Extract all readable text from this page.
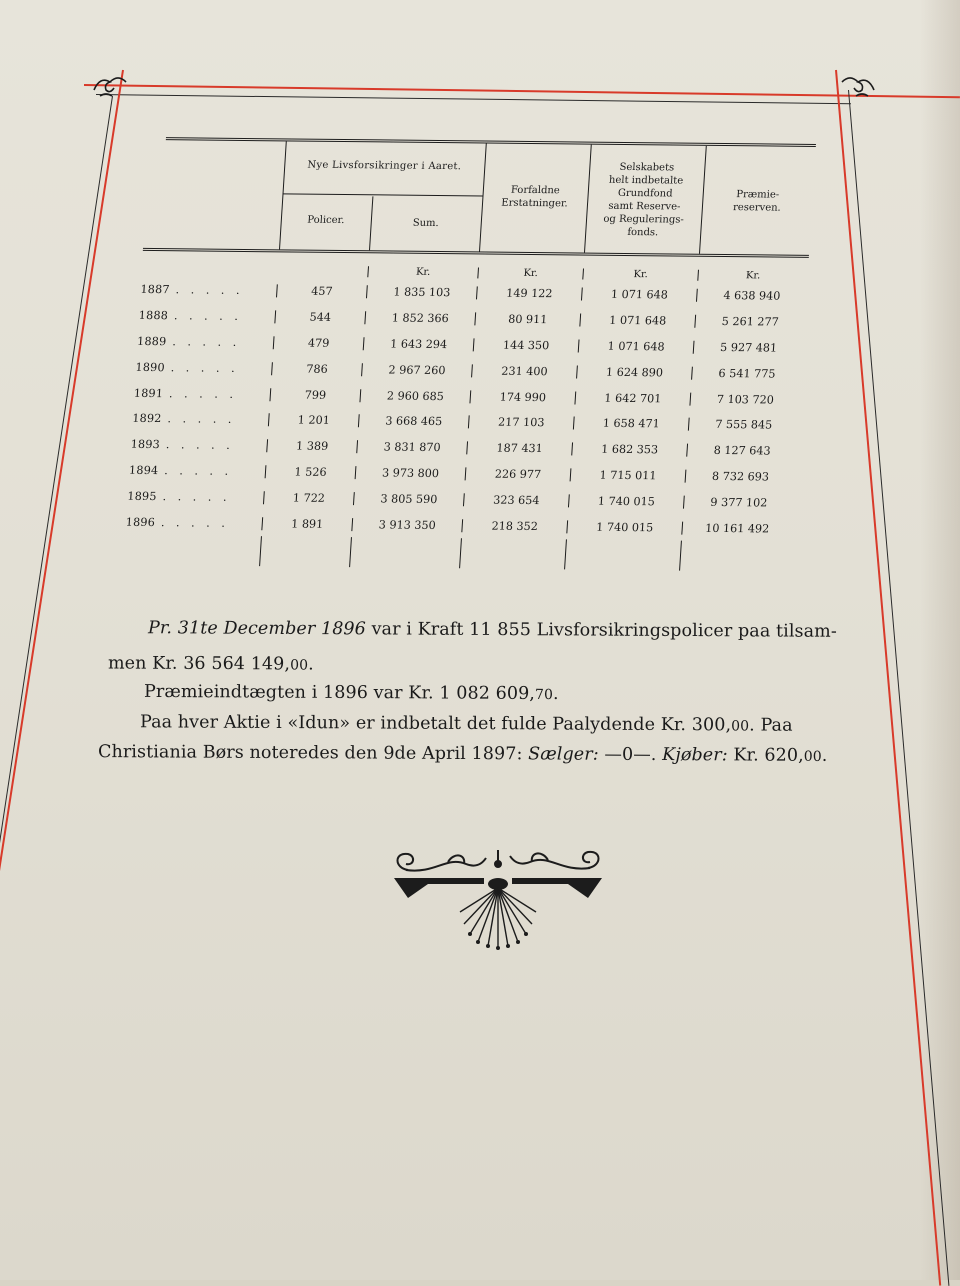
Nye Livsforsikringer i Aaret.
Policer.	Sum.
Forfaldne
Erstatninger.
Selskabets
helt indbetalte
Grundfond
samt Reserve-
og Regulerings-
fonds.
Præmie-
reserven.
Kr.	Kr.	Kr.	Kr.
1887 . . . . .	457	1 835 103	149 122	1 071 648	4 638 940
1888 . . . . .	544	1 852 366	80 911	1 071 648	5 261 277
1889 . . . . .	479	1 643 294	144 350	1 071 648	5 927 481
1890 . . . . .	786	2 967 260	231 400	1 624 890	6 541 775
1891 . . . . .	799	2 960 685	174 990	1 642 701	7 103 720
1892 . . . . .	1 201	3 668 465	217 103	1 658 471	7 555 845
1893 . . . . .	1 389	3 831 870	187 431	1 682 353	8 127 643
1894 . . . . .	1 526	3 973 800	226 977	1 715 011	8 732 693
1895 . . . . .	1 722	3 805 590	323 654	1 740 015	9 377 102
1896 . . . . .	1 891	3 913 350	218 352	1 740 015	10 161 492
Pr. 31te December 1896 var i Kraft 11 855 Livsforsikringspolicer paa tilsam-
men Kr. 36 564 149,00.
Præmieindtægten i 1896 var Kr. 1 082 609,70.
Paa hver Aktie i «Idun» er indbetalt det fulde Paalydende Kr. 300,00. Paa
Christiania Børs noteredes den 9de April 1897: Sælger: —0—. Kjøber: Kr. 620,00.
